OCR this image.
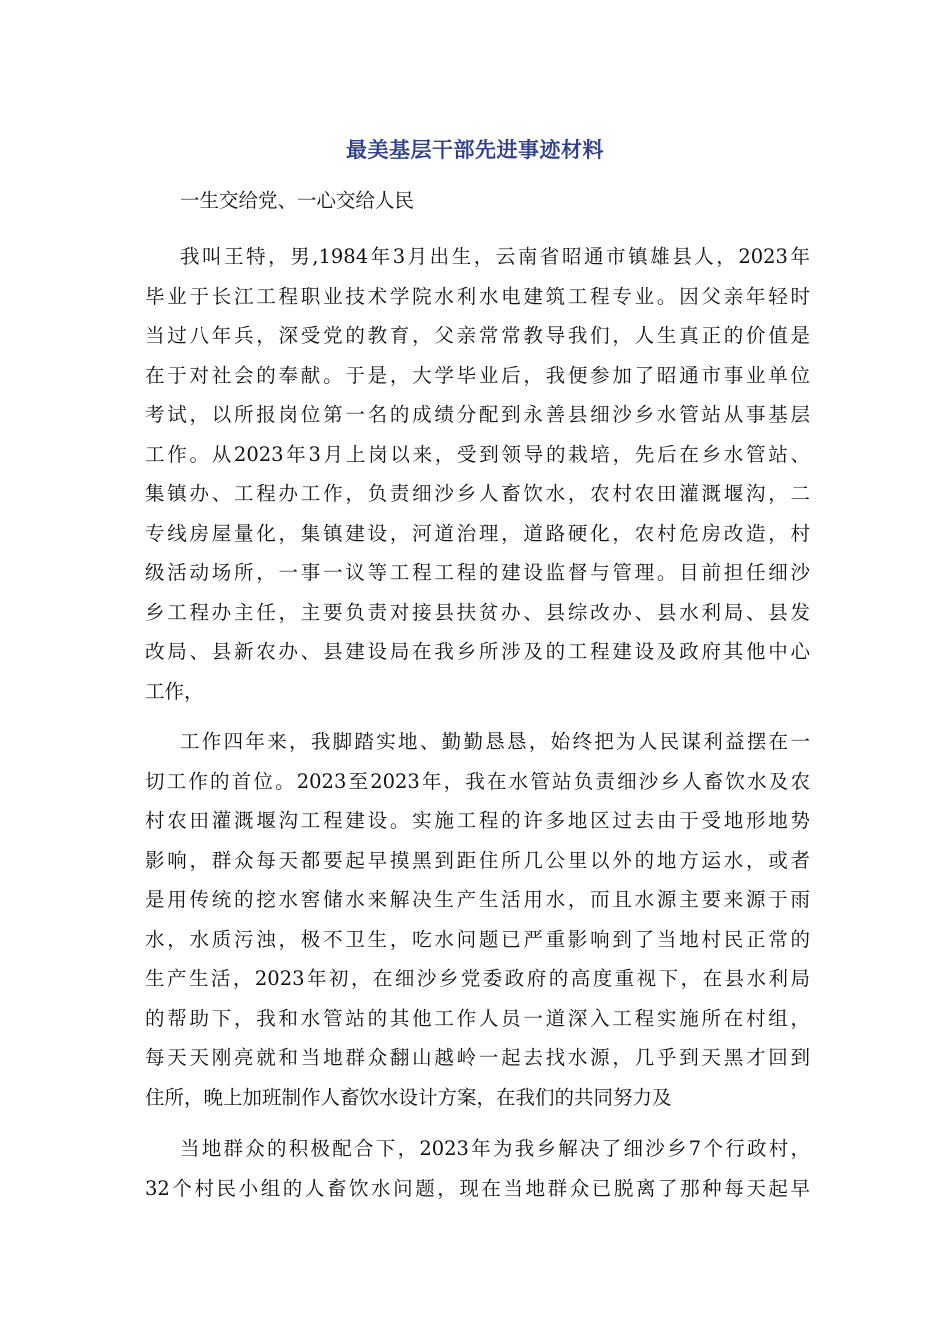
最美基层干部先进事迹材料
一生交给党、一心交给人民
我叫王特，男,1984年3月出生，云南省昭通市镇雄县人，2023年
毕业于长江工程职业技术学院水利水电建筑工程专业。因父亲年轻时
当过八年兵，深受党的教育，父亲常常教导我们，人生真正的价值是
在于对社会的奉献。于是，大学毕业后，我便参加了昭通市事业单位
考试，以所报岗位第一名的成绩分配到永善县细沙乡水管站从事基层
工作。从2023年3月上岗以来，受到领导的栽培，先后在乡水管站、
集镇办、工程办工作，负责细沙乡人畜饮水，农村农田灌溉堰沟，二
专线房屋量化，集镇建设，河道治理，道路硬化，农村危房改造，村
级活动场所，一事一议等工程工程的建设监督与管理。目前担任细沙
乡工程办主任，主要负责对接县扶贫办、县综改办、县水利局、县发
改局、县新农办、县建设局在我乡所涉及的工程建设及政府其他中心
工作，
工作四年来，我脚踏实地、勤勤恳恳，始终把为人民谋利益摆在一
切工作的首位。2023至2023年，我在水管站负责细沙乡人畜饮水及农
村农田灌溉堰沟工程建设。实施工程的许多地区过去由于受地形地势
影响，群众每天都要起早摸黑到距住所几公里以外的地方运水，或者
是用传统的挖水窖储水来解决生产生活用水，而且水源主要来源于雨
水，水质污浊，极不卫生，吃水问题已严重影响到了当地村民正常的
生产生活，2023年初，在细沙乡党委政府的高度重视下，在县水利局
的帮助下，我和水管站的其他工作人员一道深入工程实施所在村组，
每天天刚亮就和当地群众翻山越岭一起去找水源，几乎到天黑才回到
住所，晚上加班制作人畜饮水设计方案，在我们的共同努力及
当地群众的积极配合下，2023年为我乡解决了细沙乡7个行政村，
32个村民小组的人畜饮水问题，现在当地群众已脱离了那种每天起早
